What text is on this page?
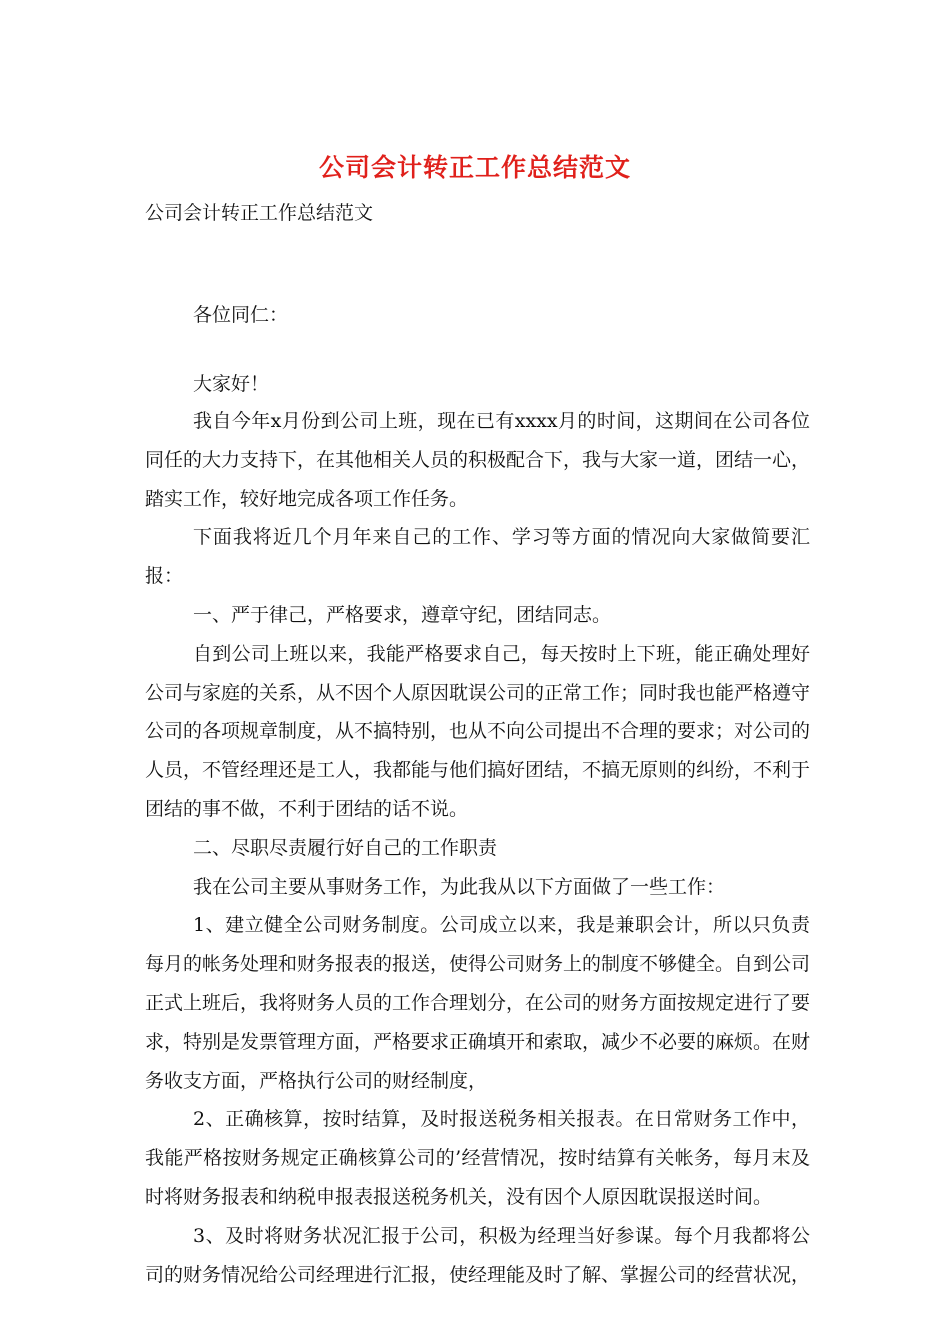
公司会计转正工作总结范文
公司会计转正工作总结范文
各位同仁：
大家好！

我自今年x月份到公司上班，现在已有xxxx月的时间，这期间在公司各位同任的大力支持下，在其他相关人员的积极配合下，我与大家一道，团结一心，踏实工作，较好地完成各项工作任务。

下面我将近几个月年来自己的工作、学习等方面的情况向大家做简要汇报：

一、严于律己，严格要求，遵章守纪，团结同志。

自到公司上班以来，我能严格要求自己，每天按时上下班，能正确处理好公司与家庭的关系，从不因个人原因耽误公司的正常工作；同时我也能严格遵守公司的各项规章制度，从不搞特别，也从不向公司提出不合理的要求；对公司的人员，不管经理还是工人，我都能与他们搞好团结，不搞无原则的纠纷，不利于团结的事不做，不利于团结的话不说。

二、尽职尽责履行好自己的工作职责

我在公司主要从事财务工作，为此我从以下方面做了一些工作：

1、建立健全公司财务制度。公司成立以来，我是兼职会计，所以只负责每月的帐务处理和财务报表的报送，使得公司财务上的制度不够健全。自到公司正式上班后，我将财务人员的工作合理划分，在公司的财务方面按规定进行了要求，特别是发票管理方面，严格要求正确填开和索取，减少不必要的麻烦。在财务收支方面，严格执行公司的财经制度，

2、正确核算，按时结算，及时报送税务相关报表。在日常财务工作中，我能严格按财务规定正确核算公司的’经营情况，按时结算有关帐务，每月末及时将财务报表和纳税申报表报送税务机关，没有因个人原因耽误报送时间。

3、及时将财务状况汇报于公司，积极为经理当好参谋。每个月我都将公司的财务情况给公司经理进行汇报，使经理能及时了解、掌握公司的经营状况，
